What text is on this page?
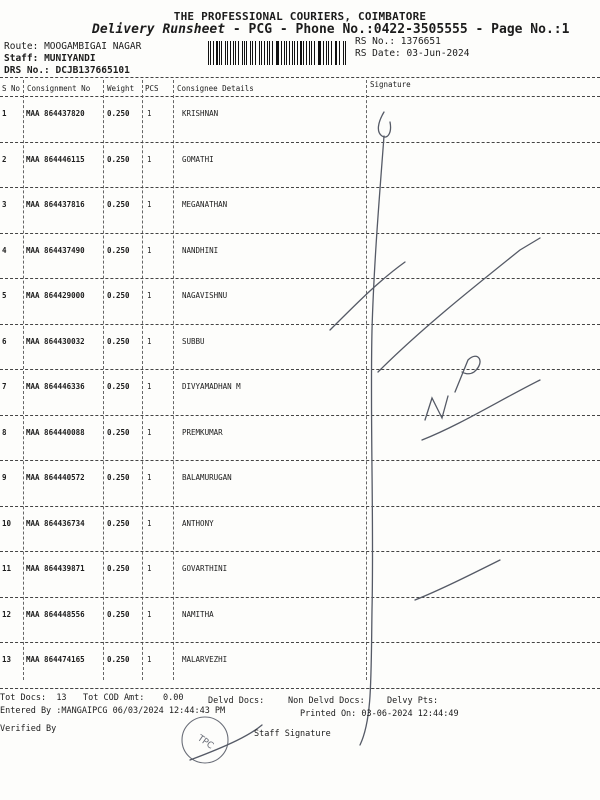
THE PROFESSIONAL COURIERS, COIMBATORE
Delivery Runsheet - PCG - Phone No.:0422-3505555 - Page No.:1
Route: MOOGAMBIGAI NAGAR
Staff: MUNIYANDI
DRS No.: DCJB137665101
RS No.: 1376651
RS Date: 03-Jun-2024
S No Consignment No Weight PCS Consignee Details	Signature
1	MAA 864437820	0.250 1	KRISHNAN
2	MAA 864446115	0.250 1	GOMATHI
3	MAA 864437816	0.250 1	MEGANATHAN
4	MAA 864437490	0.250 1	NANDHINI
5	MAA 864429000	0.250 1	NAGAVISHNU
6	MAA 864430032	0.250 1	SUBBU
7	MAA 864446336	0.250 1	DIVYAMADHAN M
8	MAA 864440088	0.250 1	PREMKUMAR
9	MAA 864440572	0.250 1	BALAMURUGAN
10 MAA 864436734	0.250 1	ANTHONY
11 MAA 864439871	0.250 1	GOVARTHINI
12 MAA 864448556	0.250 1	NAMITHA
13 MAA 864474165	0.250 1	MALARVEZHI
TPC
Tot Docs: 13 Tot COD Amt: 0.00	Delvd Docs:	Non Delvd Docs:	Delvy Pts:
Entered By :MANGAIPCG 06/03/2024 12:44:43 PM	Printed On: 03-06-2024 12:44:49
Verified By	Staff Signature
